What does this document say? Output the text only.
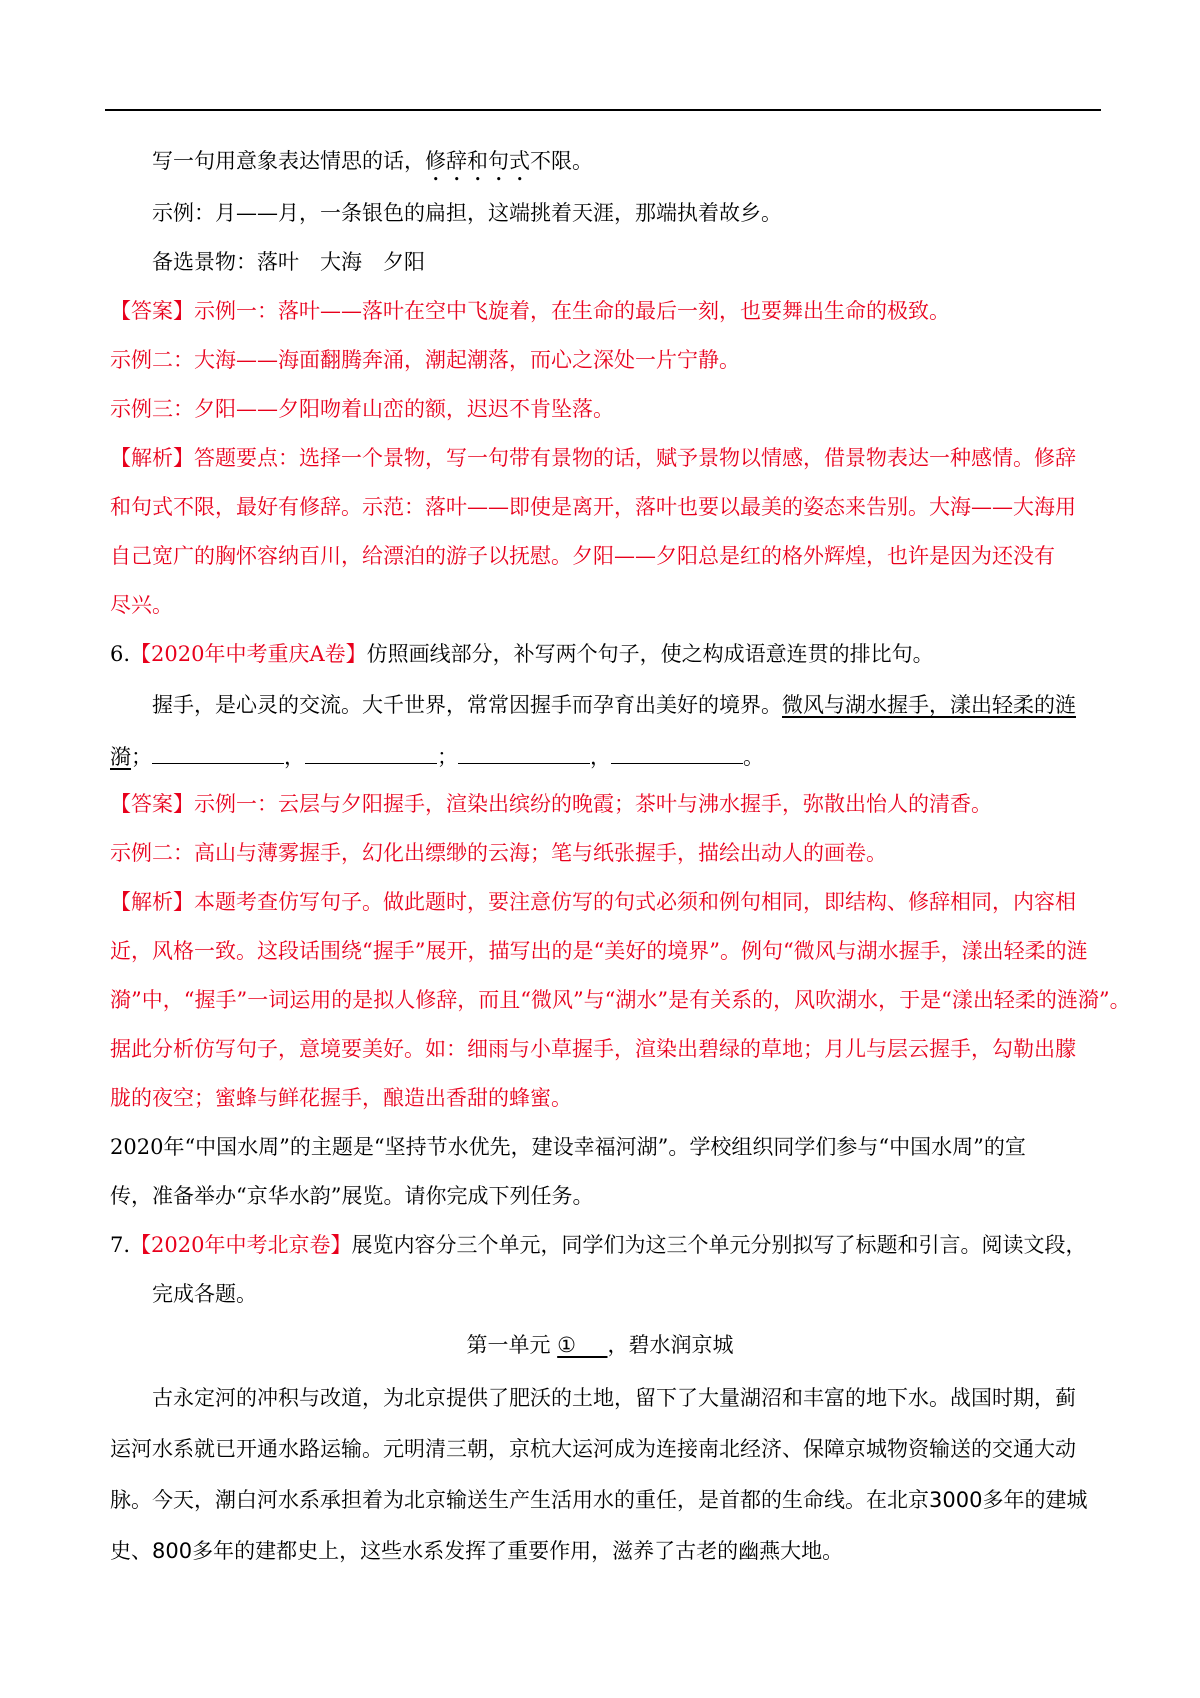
写一句用意象表达情思的话，修辞和句式不限。
示例：月——月，一条银色的扁担，这端挑着天涯，那端执着故乡。
备选景物：落叶　大海　夕阳
【答案】示例一：落叶——落叶在空中飞旋着，在生命的最后一刻，也要舞出生命的极致。
示例二：大海——海面翻腾奔涌，潮起潮落，而心之深处一片宁静。
示例三：夕阳——夕阳吻着山峦的额，迟迟不肯坠落。
【解析】答题要点：选择一个景物，写一句带有景物的话，赋予景物以情感，借景物表达一种感情。修辞
和句式不限，最好有修辞。示范：落叶——即使是离开，落叶也要以最美的姿态来告别。大海——大海用
自己宽广的胸怀容纳百川，给漂泊的游子以抚慰。夕阳——夕阳总是红的格外辉煌，也许是因为还没有
尽兴。
6.【2020年中考重庆A卷】仿照画线部分，补写两个句子，使之构成语意连贯的排比句。
握手，是心灵的交流。大千世界，常常因握手而孕育出美好的境界。微风与湖水握手，漾出轻柔的涟
漪；	，	；	，	。
【答案】示例一：云层与夕阳握手，渲染出缤纷的晚霞；茶叶与沸水握手，弥散出怡人的清香。
示例二：高山与薄雾握手，幻化出缥缈的云海；笔与纸张握手，描绘出动人的画卷。
【解析】本题考查仿写句子。做此题时，要注意仿写的句式必须和例句相同，即结构、修辞相同，内容相
近，风格一致。这段话围绕“握手”展开，描写出的是“美好的境界”。例句“微风与湖水握手，漾出轻柔的涟
漪”中，“握手”一词运用的是拟人修辞，而且“微风”与“湖水”是有关系的，风吹湖水，于是“漾出轻柔的涟漪”。
据此分析仿写句子，意境要美好。如：细雨与小草握手，渲染出碧绿的草地；月儿与层云握手，勾勒出朦
胧的夜空；蜜蜂与鲜花握手，酿造出香甜的蜂蜜。
2020年“中国水周”的主题是“坚持节水优先，建设幸福河湖”。学校组织同学们参与“中国水周”的宣
传，准备举办“京华水韵”展览。请你完成下列任务。
7.【2020年中考北京卷】展览内容分三个单元，同学们为这三个单元分别拟写了标题和引言。阅读文段，
完成各题。
第一单元 ①   ，碧水润京城
古永定河的冲积与改道，为北京提供了肥沃的土地，留下了大量湖沼和丰富的地下水。战国时期，蓟
运河水系就已开通水路运输。元明清三朝，京杭大运河成为连接南北经济、保障京城物资输送的交通大动
脉。今天，潮白河水系承担着为北京输送生产生活用水的重任，是首都的生命线。在北京3000多年的建城
史、800多年的建都史上，这些水系发挥了重要作用，滋养了古老的幽燕大地。
